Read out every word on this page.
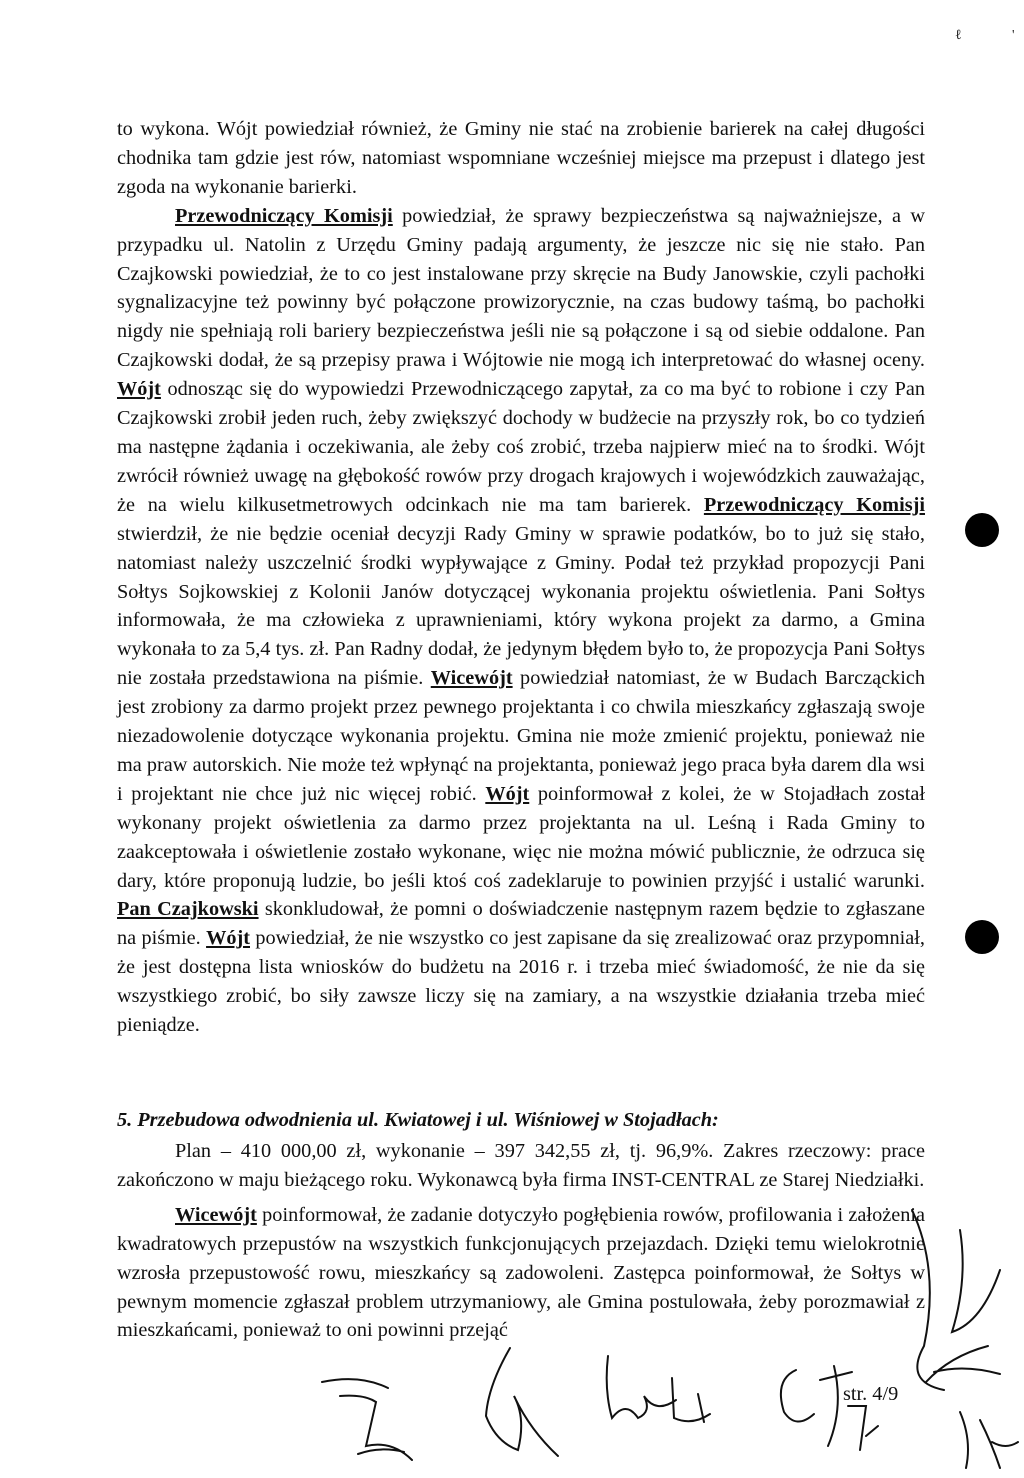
ℓ	'

to wykona. Wójt powiedział również, że Gminy nie stać na zrobienie barierek na całej długości chodnika tam gdzie jest rów, natomiast wspomniane wcześniej miejsce ma przepust i dlatego jest zgoda na wykonanie barierki.

Przewodniczący Komisji powiedział, że sprawy bezpieczeństwa są najważniejsze, a w przypadku ul. Natolin z Urzędu Gminy padają argumenty, że jeszcze nic się nie stało. Pan Czajkowski powiedział, że to co jest instalowane przy skręcie na Budy Janowskie, czyli pachołki sygnalizacyjne też powinny być połączone prowizorycznie, na czas budowy taśmą, bo pachołki nigdy nie spełniają roli bariery bezpieczeństwa jeśli nie są połączone i są od siebie oddalone. Pan Czajkowski dodał, że są przepisy prawa i Wójtowie nie mogą ich interpretować do własnej oceny. Wójt odnosząc się do wypowiedzi Przewodniczącego zapytał, za co ma być to robione i czy Pan Czajkowski zrobił jeden ruch, żeby zwiększyć dochody w budżecie na przyszły rok, bo co tydzień ma następne żądania i oczekiwania, ale żeby coś zrobić, trzeba najpierw mieć na to środki. Wójt zwrócił również uwagę na głębokość rowów przy drogach krajowych i wojewódzkich zauważając, że na wielu kilkusetmetrowych odcinkach nie ma tam barierek. Przewodniczący Komisji stwierdził, że nie będzie oceniał decyzji Rady Gminy w sprawie podatków, bo to już się stało, natomiast należy uszczelnić środki wypływające z Gminy. Podał też przykład propozycji Pani Sołtys Sojkowskiej z Kolonii Janów dotyczącej wykonania projektu oświetlenia. Pani Sołtys informowała, że ma człowieka z uprawnieniami, który wykona projekt za darmo, a Gmina wykonała to za 5,4 tys. zł. Pan Radny dodał, że jedynym błędem było to, że propozycja Pani Sołtys nie została przedstawiona na piśmie. Wicewójt powiedział natomiast, że w Budach Barcząckich jest zrobiony za darmo projekt przez pewnego projektanta i co chwila mieszkańcy zgłaszają swoje niezadowolenie dotyczące wykonania projektu. Gmina nie może zmienić projektu, ponieważ nie ma praw autorskich. Nie może też wpłynąć na projektanta, ponieważ jego praca była darem dla wsi i projektant nie chce już nic więcej robić. Wójt poinformował z kolei, że w Stojadłach został wykonany projekt oświetlenia za darmo przez projektanta na ul. Leśną i Rada Gminy to zaakceptowała i oświetlenie zostało wykonane, więc nie można mówić publicznie, że odrzuca się dary, które proponują ludzie, bo jeśli ktoś coś zadeklaruje to powinien przyjść i ustalić warunki. Pan Czajkowski skonkludował, że pomni o doświadczenie następnym razem będzie to zgłaszane na piśmie. Wójt powiedział, że nie wszystko co jest zapisane da się zrealizować oraz przypomniał, że jest dostępna lista wniosków do budżetu na 2016 r. i trzeba mieć świadomość, że nie da się wszystkiego zrobić, bo siły zawsze liczy się na zamiary, a na wszystkie działania trzeba mieć pieniądze.

5. Przebudowa odwodnienia ul. Kwiatowej i ul. Wiśniowej w Stojadłach:

Plan – 410 000,00 zł, wykonanie – 397 342,55 zł, tj. 96,9%. Zakres rzeczowy: prace zakończono w maju bieżącego roku. Wykonawcą była firma INST-CENTRAL ze Starej Niedziałki.

Wicewójt poinformował, że zadanie dotyczyło pogłębienia rowów, profilowania i założenia kwadratowych przepustów na wszystkich funkcjonujących przejazdach. Dzięki temu wielokrotnie wzrosła przepustowość rowu, mieszkańcy są zadowoleni. Zastępca poinformował, że Sołtys w pewnym momencie zgłaszał problem utrzymaniowy, ale Gmina postulowała, żeby porozmawiał z mieszkańcami, ponieważ to oni powinni przejąć

str. 4/9
